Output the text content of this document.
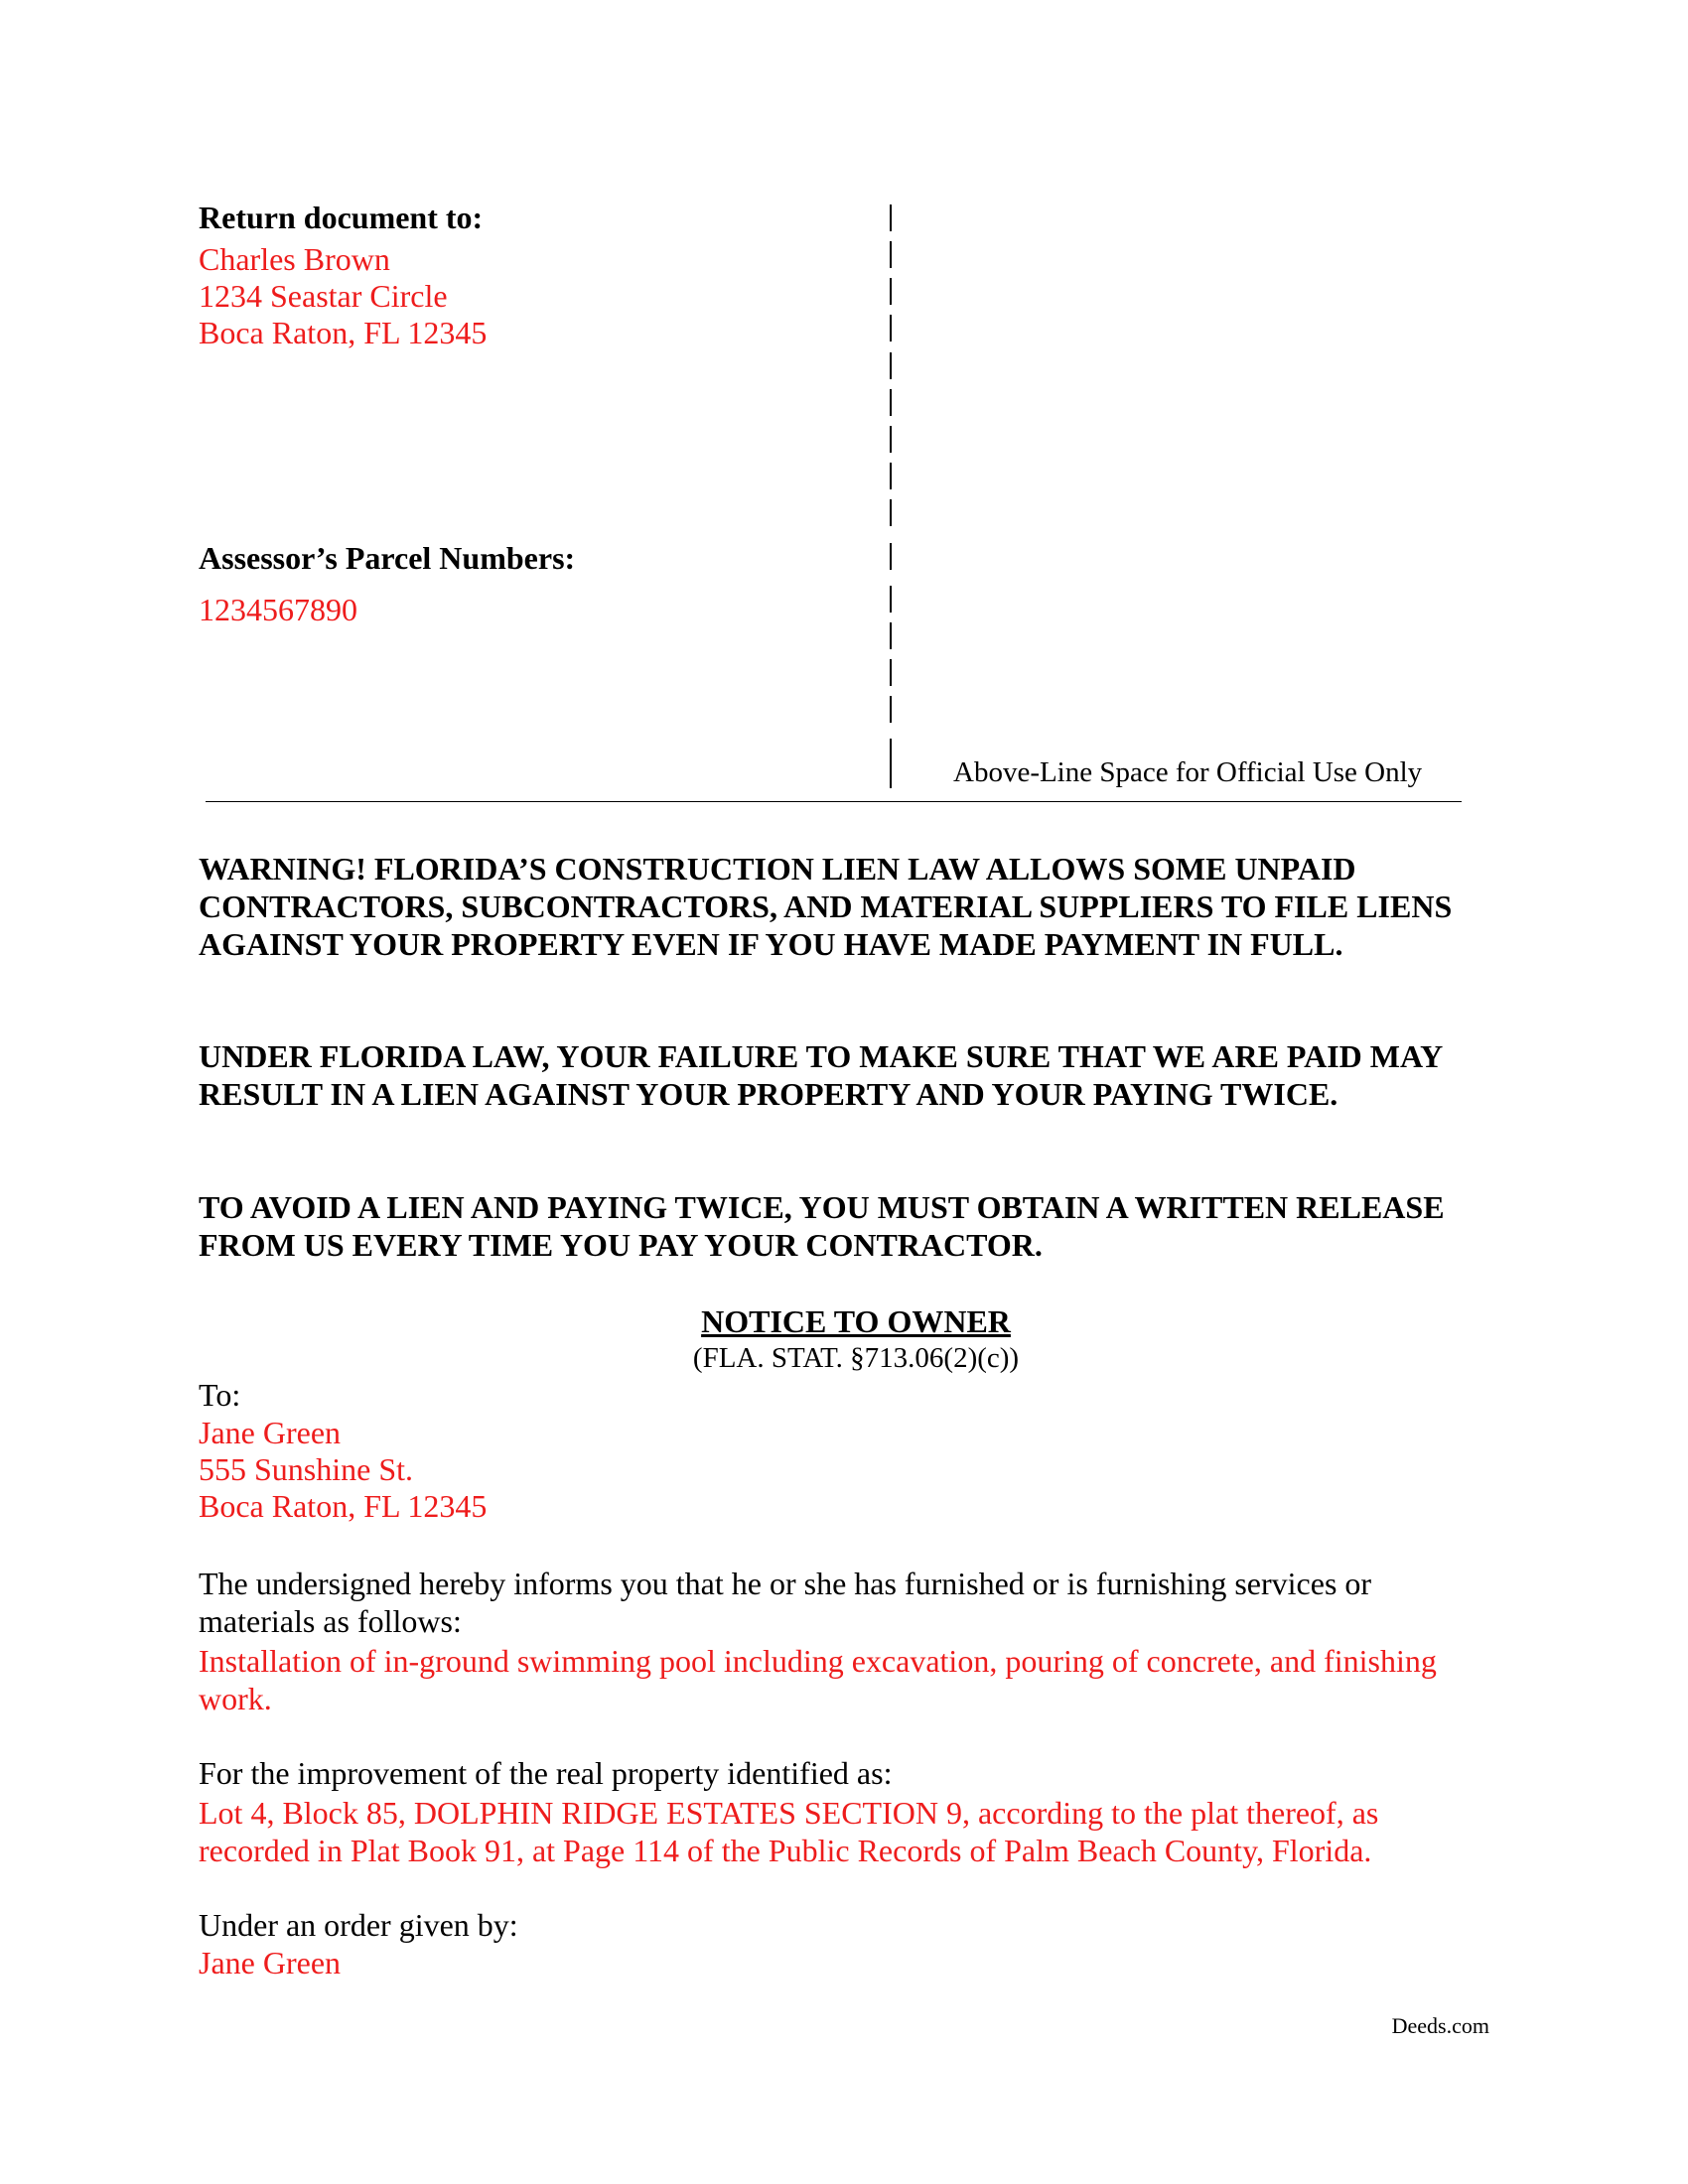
Return document to:
Charles Brown
1234 Seastar Circle
Boca Raton, FL 12345
Assessor’s Parcel Numbers:
1234567890
Above-Line Space for Official Use Only
WARNING! FLORIDA’S CONSTRUCTION LIEN LAW ALLOWS SOME UNPAID CONTRACTORS, SUBCONTRACTORS, AND MATERIAL SUPPLIERS TO FILE LIENS AGAINST YOUR PROPERTY EVEN IF YOU HAVE MADE PAYMENT IN FULL.
UNDER FLORIDA LAW, YOUR FAILURE TO MAKE SURE THAT WE ARE PAID MAY RESULT IN A LIEN AGAINST YOUR PROPERTY AND YOUR PAYING TWICE.
TO AVOID A LIEN AND PAYING TWICE, YOU MUST OBTAIN A WRITTEN RELEASE FROM US EVERY TIME YOU PAY YOUR CONTRACTOR.
NOTICE TO OWNER
(FLA. STAT. §713.06(2)(c))
To:
Jane Green
555 Sunshine St.
Boca Raton, FL 12345
The undersigned hereby informs you that he or she has furnished or is furnishing services or materials as follows:
Installation of in-ground swimming pool including excavation, pouring of concrete, and finishing work.
For the improvement of the real property identified as:
Lot 4, Block 85, DOLPHIN RIDGE ESTATES SECTION 9, according to the plat thereof, as recorded in Plat Book 91, at Page 114 of the Public Records of Palm Beach County, Florida.
Under an order given by:
Jane Green
Deeds.com
